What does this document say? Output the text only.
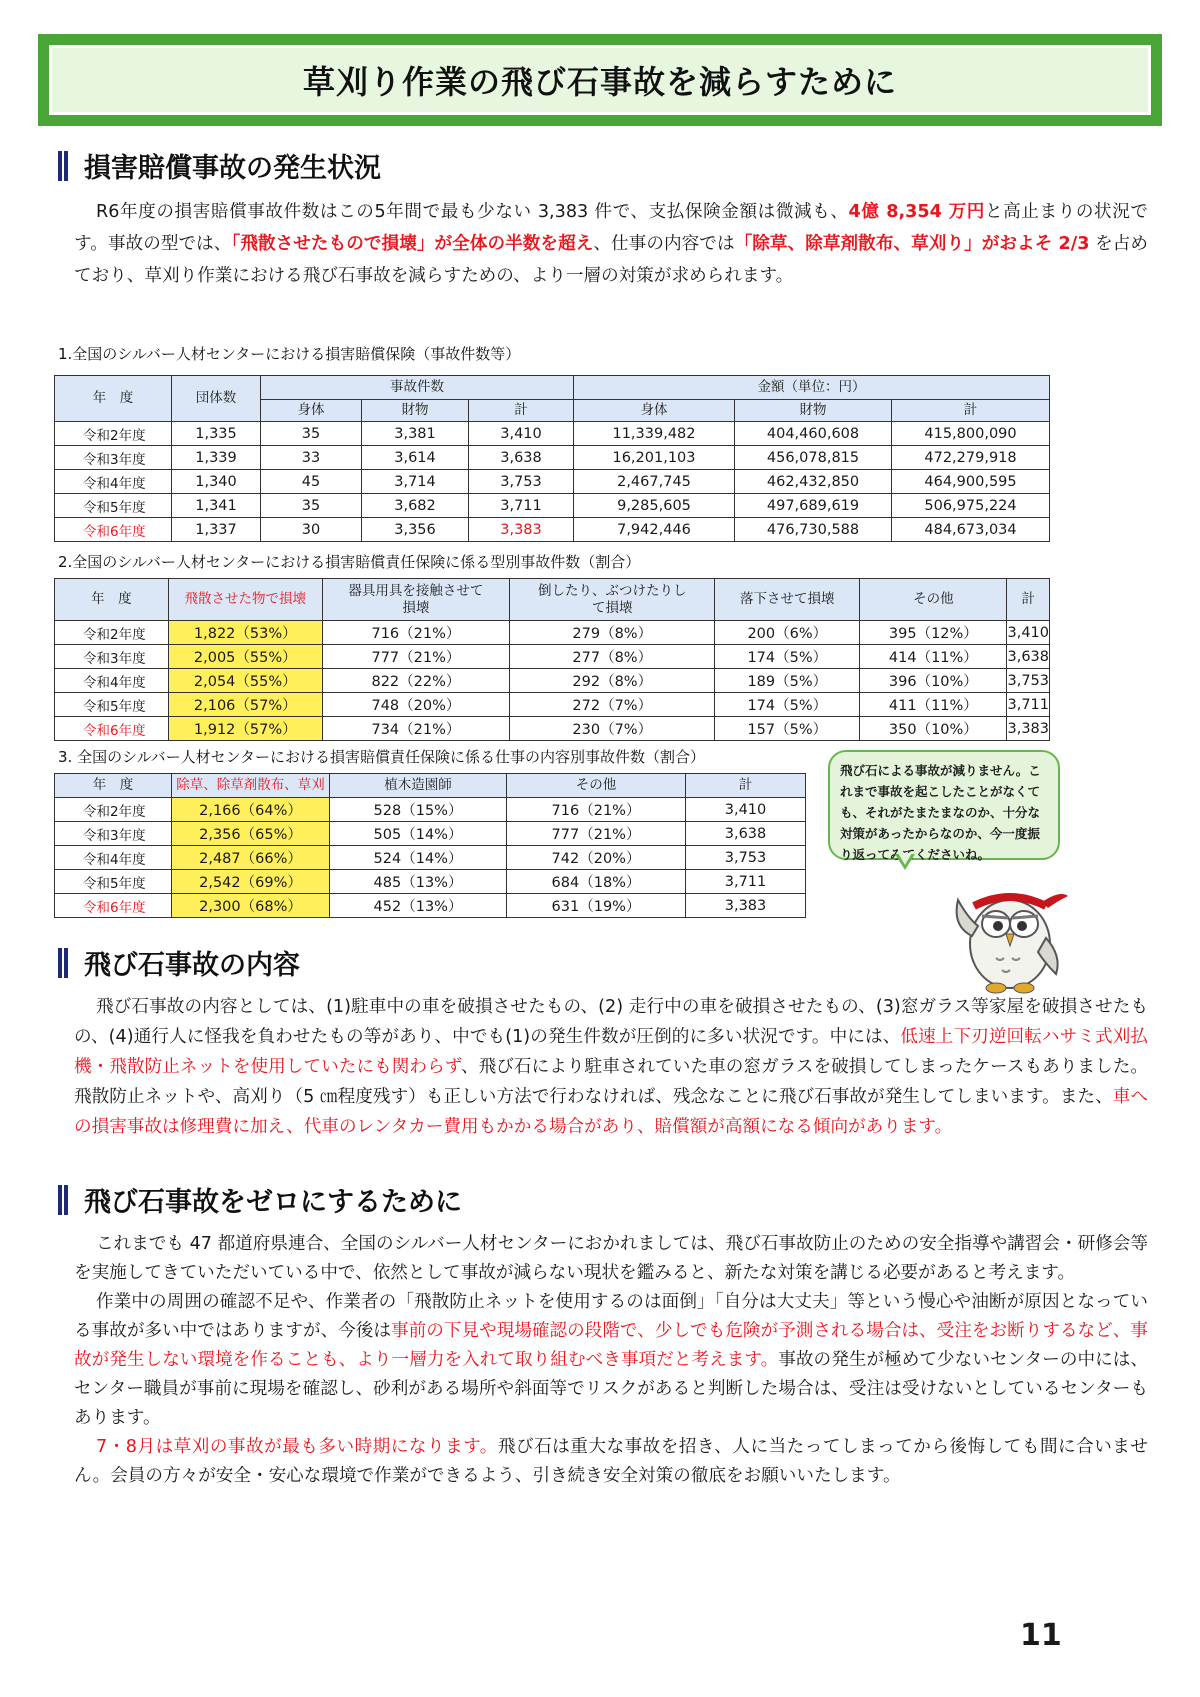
草刈り作業の飛び石事故を減らすために
損害賠償事故の発生状況
R6年度の損害賠償事故件数はこの5年間で最も少ない 3,383 件で、支払保険金額は微減も、4億 8,354 万円と高止まりの状況です。事故の型では、「飛散させたもので損壊」が全体の半数を超え、仕事の内容では「除草、除草剤散布、草刈り」がおよそ 2/3 を占めており、草刈り作業における飛び石事故を減らすための、より一層の対策が求められます。
1.全国のシルバー人材センターにおける損害賠償保険（事故件数等）
年　度	団体数	事故件数			金額（単位：円）		
		身体	財物	計	身体	財物	計
令和2年度	1,335	35	3,381	3,410	11,339,482	404,460,608	415,800,090
令和3年度	1,339	33	3,614	3,638	16,201,103	456,078,815	472,279,918
令和4年度	1,340	45	3,714	3,753	2,467,745	462,432,850	464,900,595
令和5年度	1,341	35	3,682	3,711	9,285,605	497,689,619	506,975,224
令和6年度	1,337	30	3,356	3,383	7,942,446	476,730,588	484,673,034
2.全国のシルバー人材センターにおける損害賠償責任保険に係る型別事故件数（割合）
年　度	飛散させた物で損壊	器具用具を接触させて損壊	倒したり、ぶつけたりして損壊	落下させて損壊	その他	計
令和2年度	1,822（53%）	716（21%）	279（8%）	200（6%）	395（12%）	3,410
令和3年度	2,005（55%）	777（21%）	277（8%）	174（5%）	414（11%）	3,638
令和4年度	2,054（55%）	822（22%）	292（8%）	189（5%）	396（10%）	3,753
令和5年度	2,106（57%）	748（20%）	272（7%）	174（5%）	411（11%）	3,711
令和6年度	1,912（57%）	734（21%）	230（7%）	157（5%）	350（10%）	3,383
3. 全国のシルバー人材センターにおける損害賠償責任保険に係る仕事の内容別事故件数（割合）
年　度	除草、除草剤散布、草刈	植木造園師	その他	計
令和2年度	2,166（64%）	528（15%）	716（21%）	3,410
令和3年度	2,356（65%）	505（14%）	777（21%）	3,638
令和4年度	2,487（66%）	524（14%）	742（20%）	3,753
令和5年度	2,542（69%）	485（13%）	684（18%）	3,711
令和6年度	2,300（68%）	452（13%）	631（19%）	3,383
飛び石による事故が減りません。これまで事故を起こしたことがなくても、それがたまたまなのか、十分な対策があったからなのか、今一度振り返ってみてくださいね。
飛び石事故の内容
飛び石事故の内容としては、(1)駐車中の車を破損させたもの、(2) 走行中の車を破損させたもの、(3)窓ガラス等家屋を破損させたもの、(4)通行人に怪我を負わせたもの等があり、中でも(1)の発生件数が圧倒的に多い状況です。中には、低速上下刃逆回転ハサミ式刈払機・飛散防止ネットを使用していたにも関わらず、飛び石により駐車されていた車の窓ガラスを破損してしまったケースもありました。飛散防止ネットや、高刈り（5 ㎝程度残す）も正しい方法で行わなければ、残念なことに飛び石事故が発生してしまいます。また、車への損害事故は修理費に加え、代車のレンタカー費用もかかる場合があり、賠償額が高額になる傾向があります。
飛び石事故をゼロにするために

これまでも 47 都道府県連合、全国のシルバー人材センターにおかれましては、飛び石事故防止のための安全指導や講習会・研修会等を実施してきていただいている中で、依然として事故が減らない現状を鑑みると、新たな対策を講じる必要があると考えます。

作業中の周囲の確認不足や、作業者の「飛散防止ネットを使用するのは面倒」「自分は大丈夫」等という慢心や油断が原因となっている事故が多い中ではありますが、今後は事前の下見や現場確認の段階で、少しでも危険が予測される場合は、受注をお断りするなど、事故が発生しない環境を作ることも、より一層力を入れて取り組むべき事項だと考えます。事故の発生が極めて少ないセンターの中には、センター職員が事前に現場を確認し、砂利がある場所や斜面等でリスクがあると判断した場合は、受注は受けないとしているセンターもあります。

7・8月は草刈の事故が最も多い時期になります。飛び石は重大な事故を招き、人に当たってしまってから後悔しても間に合いません。会員の方々が安全・安心な環境で作業ができるよう、引き続き安全対策の徹底をお願いいたします。

11
